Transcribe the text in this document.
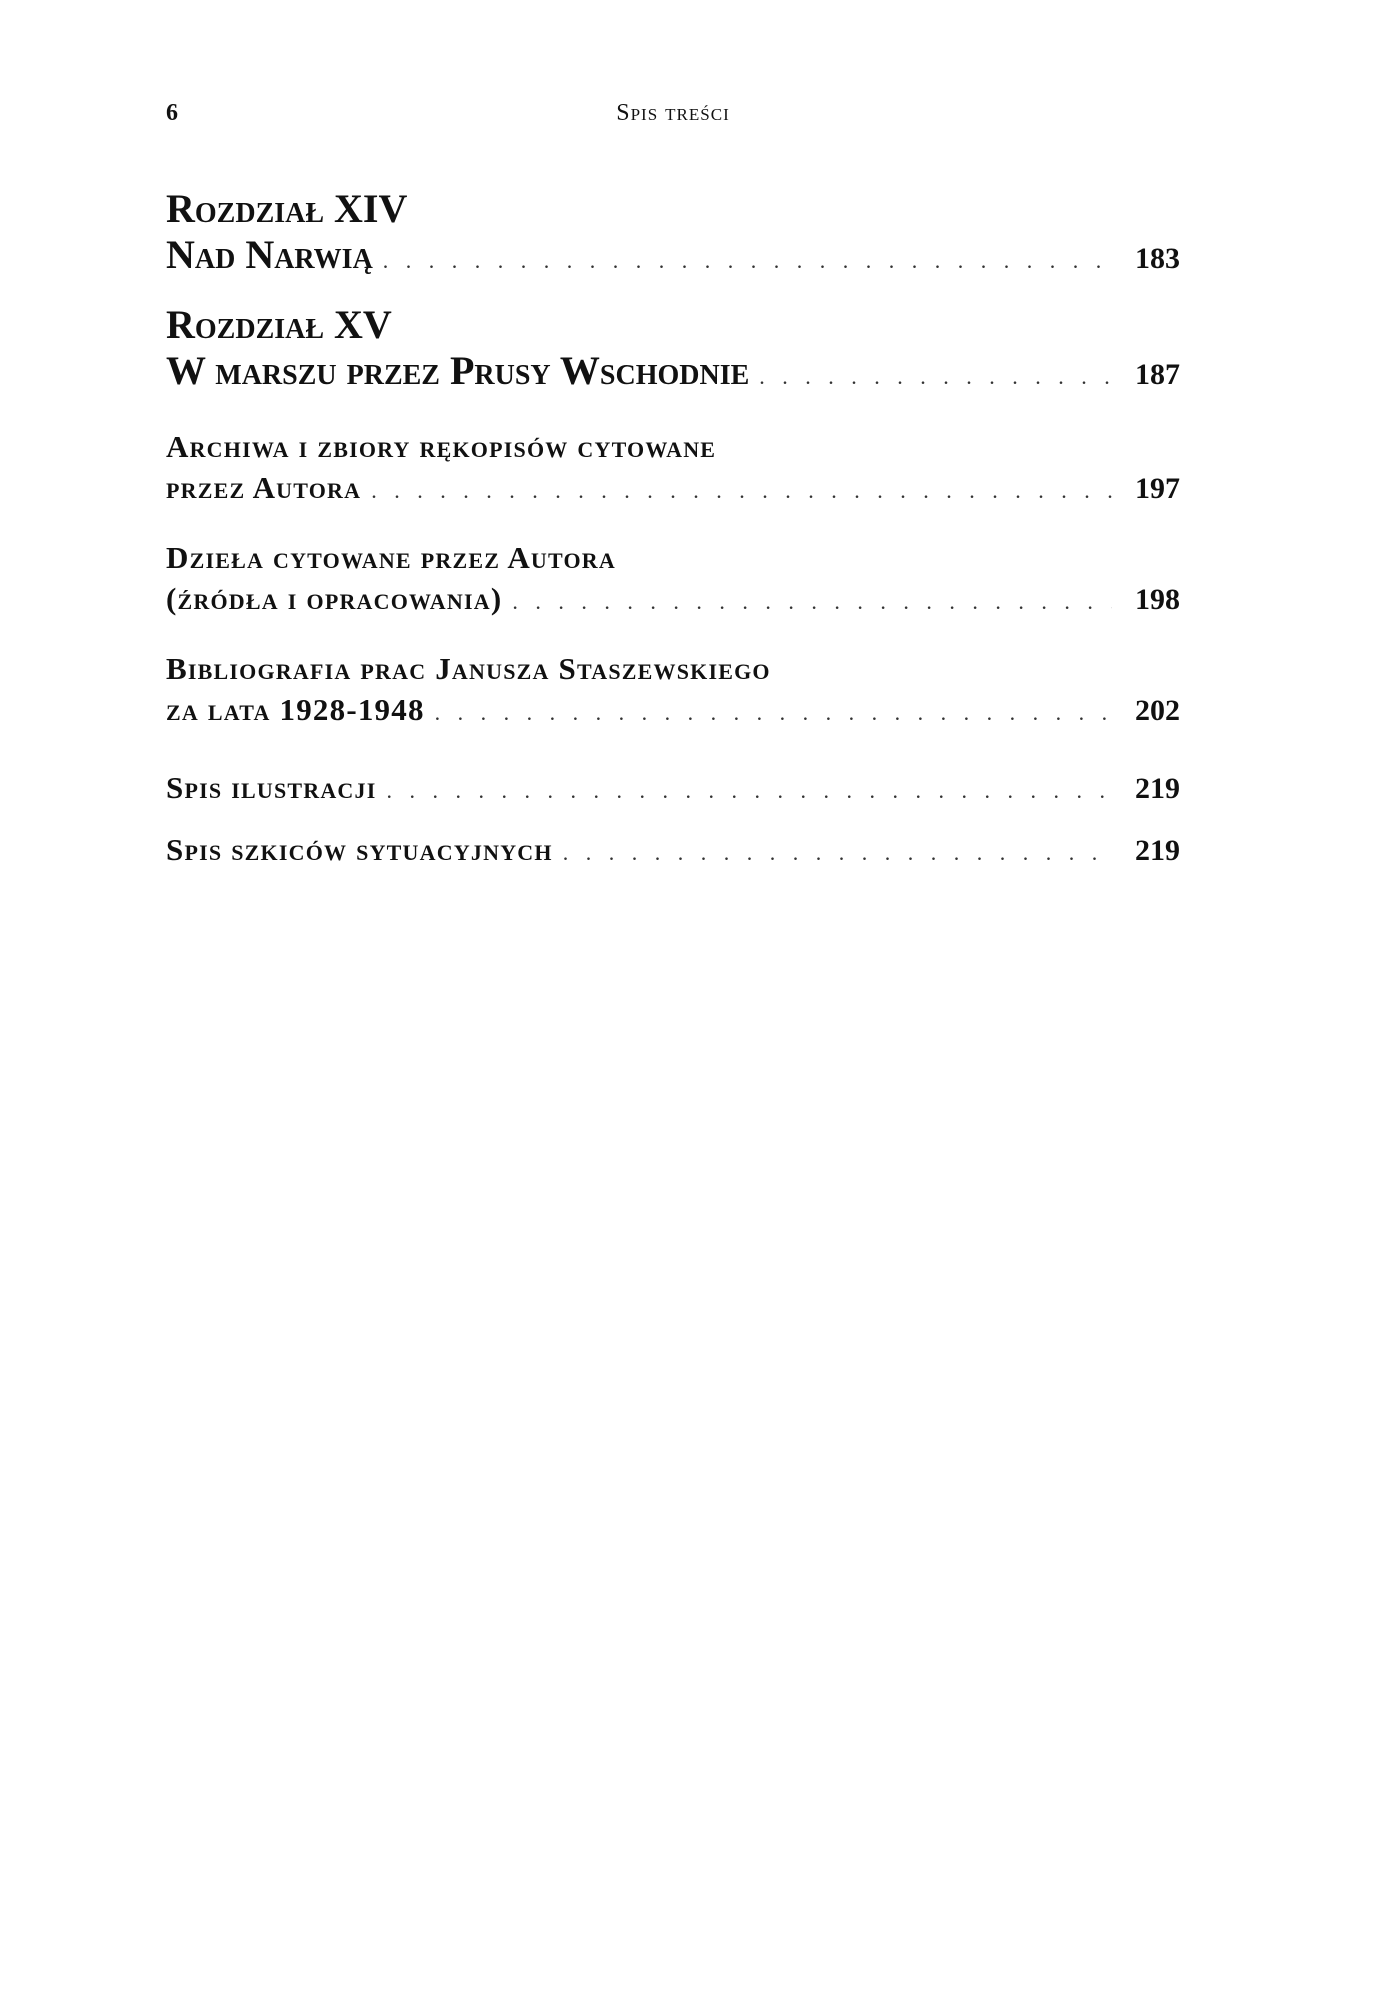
6	Spis treści
Rozdział XIV
Nad Narwią . . .	183
Rozdział XV
W marszu przez Prusy Wschodnie . . .	187
Archiwa i zbiory rękopisów cytowane
przez Autora . . .	197
Dzieła cytowane przez Autora
(źródła i opracowania) . . .	198
Bibliografia prac Janusza Staszewskiego
za lata 1928-1948 . . .	202
Spis ilustracji . . .	219
Spis szkiców sytuacyjnych . . .	219
